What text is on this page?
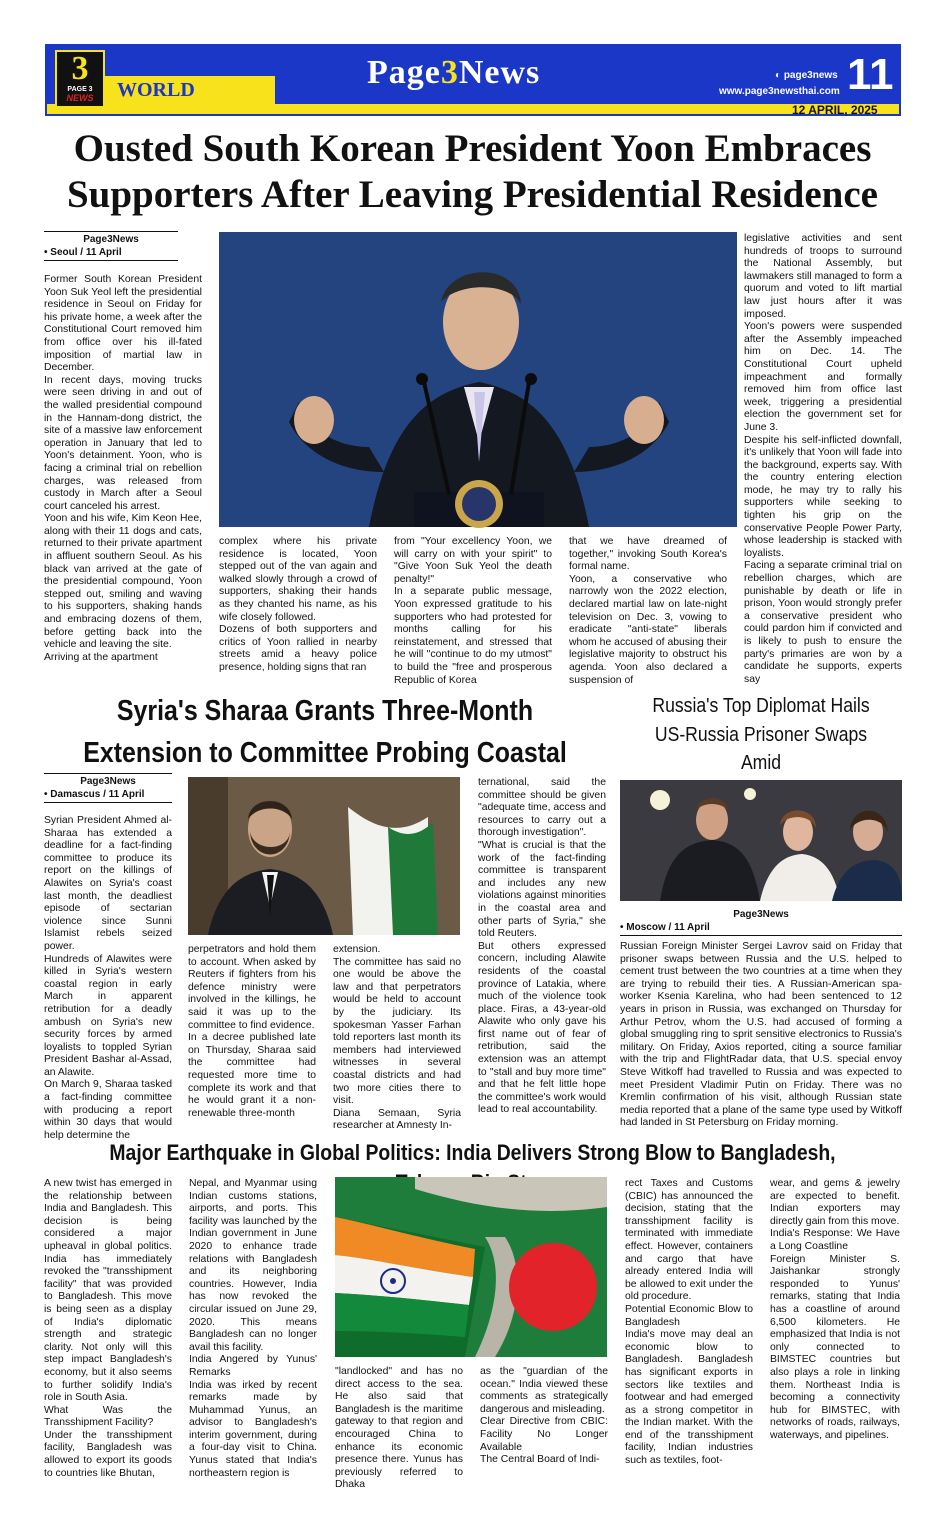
3
PAGE 3
NEWS	WORLD	Page3News	◐ page3news
www.page3newsthai.com 11
12 APRIL, 2025
Ousted South Korean President Yoon Embraces
Supporters After Leaving Presidential Residence
Page3News
• Seoul / 11 April

Former South Korean President Yoon Suk Yeol left the presidential residence in Seoul on Friday for his private home, a week after the Constitutional Court removed him from office over his ill-fated imposition of martial law in December.

In recent days, moving trucks were seen driving in and out of the walled presidential compound in the Hannam-dong district, the site of a massive law enforcement operation in January that led to Yoon's detainment. Yoon, who is facing a criminal trial on rebellion charges, was released from custody in March after a Seoul court canceled his arrest.

Yoon and his wife, Kim Keon Hee, along with their 11 dogs and cats, returned to their private apartment in affluent southern Seoul. As his black van arrived at the gate of the presidential compound, Yoon stepped out, smiling and waving to his supporters, shaking hands and embracing dozens of them, before getting back into the vehicle and leaving the site.

Arriving at the apartment

complex where his private residence is located, Yoon stepped out of the van again and walked slowly through a crowd of supporters, shaking their hands as they chanted his name, as his wife closely followed.

Dozens of both supporters and critics of Yoon rallied in nearby streets amid a heavy police presence, holding signs that ran

from "Your excellency Yoon, we will carry on with your spirit" to "Give Yoon Suk Yeol the death penalty!"

In a separate public message, Yoon expressed gratitude to his supporters who had protested for months calling for his reinstatement, and stressed that he will "continue to do my utmost" to build the "free and prosperous Republic of Korea

that we have dreamed of together," invoking South Korea's formal name.

Yoon, a conservative who narrowly won the 2022 election, declared martial law on late-night television on Dec. 3, vowing to eradicate "anti-state" liberals whom he accused of abusing their legislative majority to obstruct his agenda. Yoon also declared a suspension of

legislative activities and sent hundreds of troops to surround the National Assembly, but lawmakers still managed to form a quorum and voted to lift martial law just hours after it was imposed.

Yoon's powers were suspended after the Assembly impeached him on Dec. 14. The Constitutional Court upheld impeachment and formally removed him from office last week, triggering a presidential election the government set for June 3.

Despite his self-inflicted downfall, it's unlikely that Yoon will fade into the background, experts say. With the country entering election mode, he may try to rally his supporters while seeking to tighten his grip on the conservative People Power Party, whose leadership is stacked with loyalists.

Facing a separate criminal trial on rebellion charges, which are punishable by death or life in prison, Yoon would strongly prefer a conservative president who could pardon him if convicted and is likely to push to ensure the party's primaries are won by a candidate he supports, experts say

Syria's Sharaa Grants Three-Month
Extension to Committee Probing Coastal
Page3News
• Damascus / 11 April

Syrian President Ahmed al-Sharaa has extended a deadline for a fact-finding committee to produce its report on the killings of Alawites on Syria's coast last month, the deadliest episode of sectarian violence since Sunni Islamist rebels seized power.

Hundreds of Alawites were killed in Syria's western coastal region in early March in apparent retribution for a deadly ambush on Syria's new security forces by armed loyalists to toppled Syrian President Bashar al-Assad, an Alawite.

On March 9, Sharaa tasked a fact-finding committee with producing a report within 30 days that would help determine the

perpetrators and hold them to account. When asked by Reuters if fighters from his defence ministry were involved in the killings, he said it was up to the committee to find evidence.

In a decree published late on Thursday, Sharaa said the committee had requested more time to complete its work and that he would grant it a non-renewable three-month

extension.

The committee has said no one would be above the law and that perpetrators would be held to account by the judiciary. Its spokesman Yasser Farhan told reporters last month its members had interviewed witnesses in several coastal districts and had two more cities there to visit.

Diana Semaan, Syria researcher at Amnesty In-

ternational, said the committee should be given "adequate time, access and resources to carry out a thorough investigation".

"What is crucial is that the work of the fact-finding committee is transparent and includes any new violations against minorities in the coastal area and other parts of Syria," she told Reuters.

But others expressed concern, including Alawite residents of the coastal province of Latakia, where much of the violence took place. Firas, a 43-year-old Alawite who only gave his first name out of fear of retribution, said the extension was an attempt to "stall and buy more time" and that he felt little hope the committee's work would lead to real accountability.

Russia's Top Diplomat Hails
US-Russia Prisoner Swaps Amid
Page3News
• Moscow / 11 April

Russian Foreign Minister Sergei Lavrov said on Friday that prisoner swaps between Russia and the U.S. helped to cement trust between the two countries at a time when they are trying to rebuild their ties. A Russian-American spa-worker Ksenia Karelina, who had been sentenced to 12 years in prison in Russia, was exchanged on Thursday for Arthur Petrov, whom the U.S. had accused of forming a global smuggling ring to sprit sensitive electronics to Russia's military. On Friday, Axios reported, citing a source familiar with the trip and FlightRadar data, that U.S. special envoy Steve Witkoff had travelled to Russia and was expected to meet President Vladimir Putin on Friday. There was no Kremlin confirmation of his visit, although Russian state media reported that a plane of the same type used by Witkoff had landed in St Petersburg on Friday morning.

Major Earthquake in Global Politics: India Delivers Strong Blow to Bangladesh,

A new twist has emerged in the relationship between India and Bangladesh. This decision is being considered a major upheaval in global politics. India has immediately revoked the "transshipment facility" that was provided to Bangladesh. This move is being seen as a display of India's diplomatic strength and strategic clarity. Not only will this step impact Bangladesh's economy, but it also seems to further solidify India's role in South Asia.

What Was the Transshipment Facility?

Under the transshipment facility, Bangladesh was allowed to export its goods to countries like Bhutan,

Nepal, and Myanmar using Indian customs stations, airports, and ports. This facility was launched by the Indian government in June 2020 to enhance trade relations with Bangladesh and its neighboring countries. However, India has now revoked the circular issued on June 29, 2020. This means Bangladesh can no longer avail this facility.

India Angered by Yunus' Remarks

India was irked by recent remarks made by Muhammad Yunus, an advisor to Bangladesh's interim government, during a four-day visit to China. Yunus stated that India's northeastern region is

"landlocked" and has no direct access to the sea. He also said that Bangladesh is the maritime gateway to that region and encouraged China to enhance its economic presence there. Yunus has previously referred to Dhaka

as the "guardian of the ocean." India viewed these comments as strategically dangerous and misleading.

Clear Directive from CBIC: Facility No Longer Available

The Central Board of Indi-

rect Taxes and Customs (CBIC) has announced the decision, stating that the transshipment facility is terminated with immediate effect. However, containers and cargo that have already entered India will be allowed to exit under the old procedure.

Potential Economic Blow to Bangladesh

India's move may deal an economic blow to Bangladesh. Bangladesh has significant exports in sectors like textiles and footwear and had emerged as a strong competitor in the Indian market. With the end of the transshipment facility, Indian industries such as textiles, foot-

wear, and gems & jewelry are expected to benefit. Indian exporters may directly gain from this move.

India's Response: We Have a Long Coastline

Foreign Minister S. Jaishankar strongly responded to Yunus' remarks, stating that India has a coastline of around 6,500 kilometers. He emphasized that India is not only connected to BIMSTEC countries but also plays a role in linking them. Northeast India is becoming a connectivity hub for BIMSTEC, with networks of roads, railways, waterways, and pipelines.
